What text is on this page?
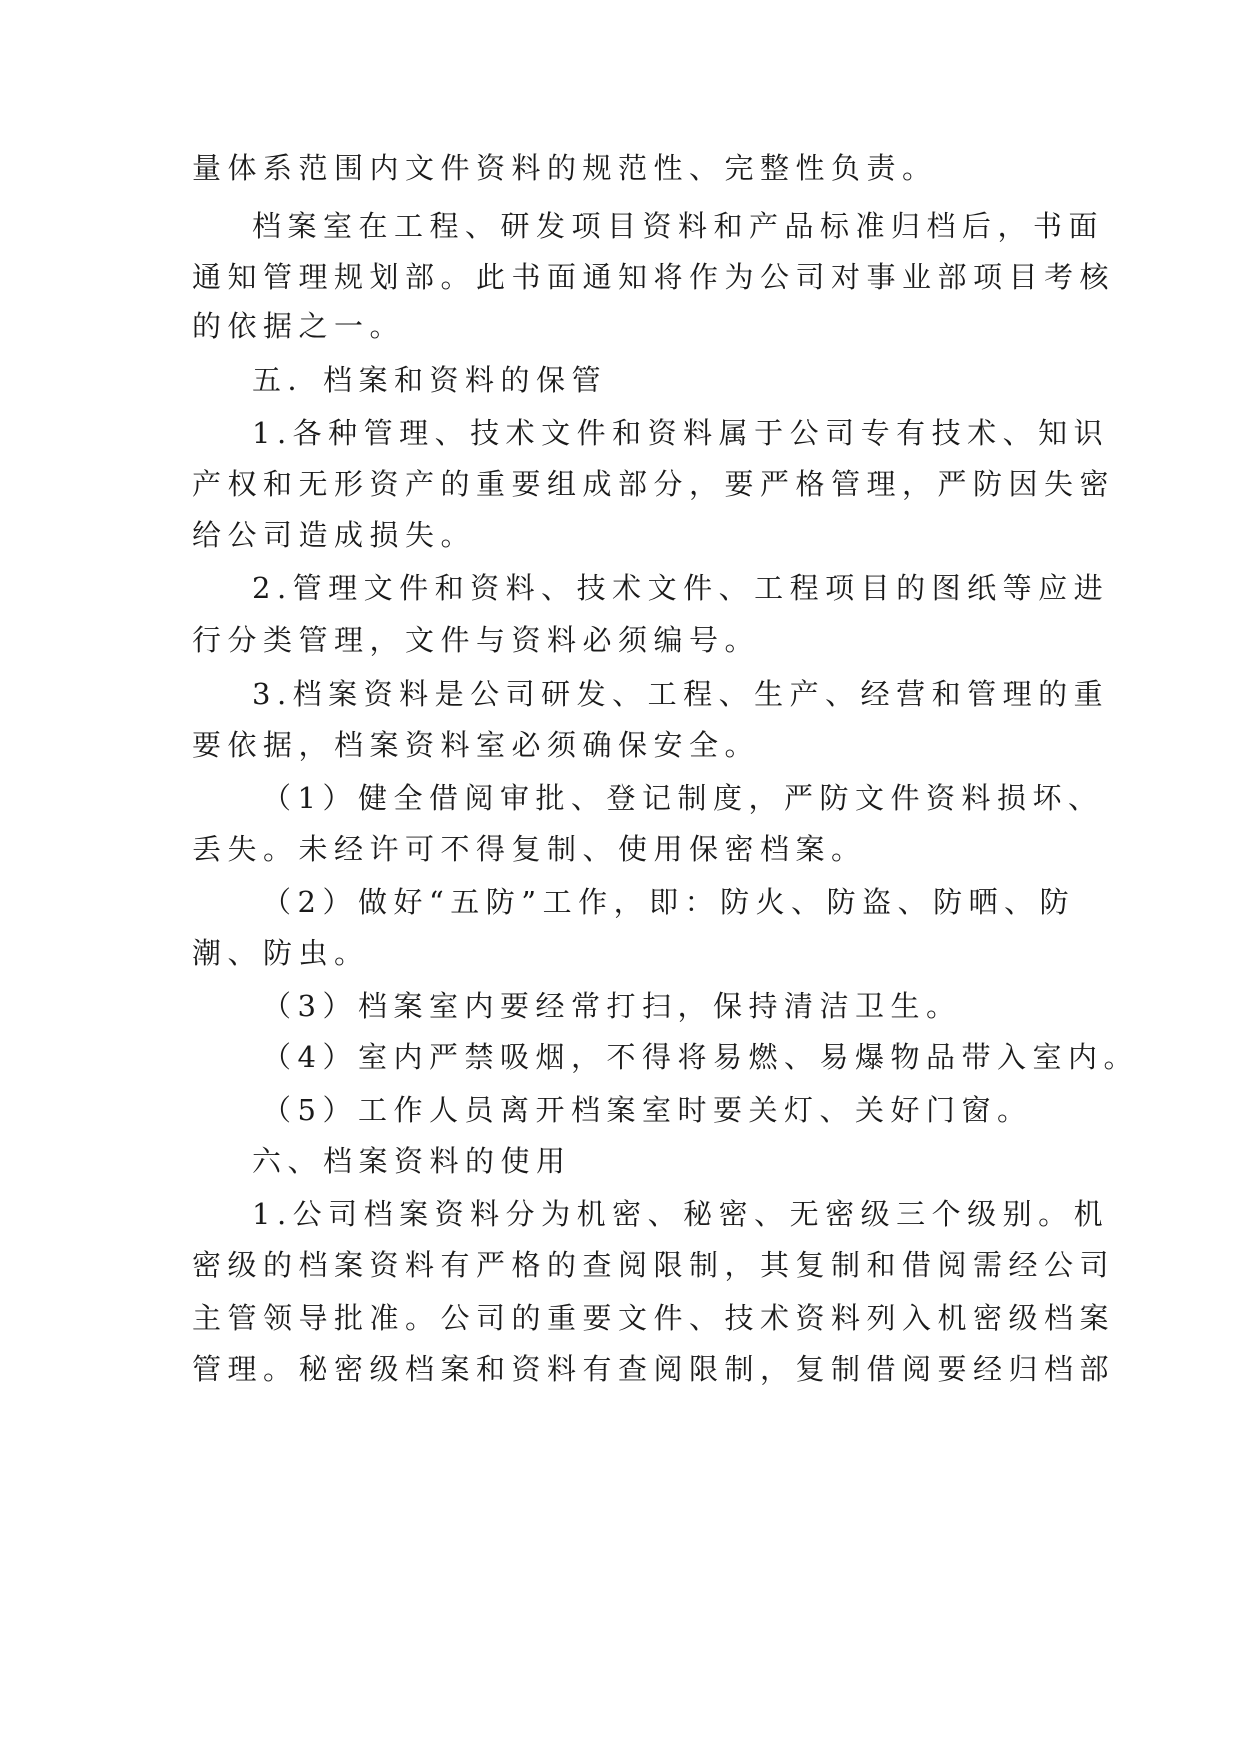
量体系范围内文件资料的规范性、完整性负责。
档案室在工程、研发项目资料和产品标准归档后，书面
通知管理规划部。此书面通知将作为公司对事业部项目考核
的依据之一。
五．档案和资料的保管
1.各种管理、技术文件和资料属于公司专有技术、知识
产权和无形资产的重要组成部分，要严格管理，严防因失密
给公司造成损失。
2.管理文件和资料、技术文件、工程项目的图纸等应进
行分类管理，文件与资料必须编号。
3.档案资料是公司研发、工程、生产、经营和管理的重
要依据，档案资料室必须确保安全。
（1）健全借阅审批、登记制度，严防文件资料损坏、
丢失。未经许可不得复制、使用保密档案。
（2）做好“五防”工作，即：防火、防盗、防晒、防
潮、防虫。
（3）档案室内要经常打扫，保持清洁卫生。
（4）室内严禁吸烟，不得将易燃、易爆物品带入室内。
（5）工作人员离开档案室时要关灯、关好门窗。
六、档案资料的使用
1.公司档案资料分为机密、秘密、无密级三个级别。机
密级的档案资料有严格的查阅限制，其复制和借阅需经公司
主管领导批准。公司的重要文件、技术资料列入机密级档案
管理。秘密级档案和资料有查阅限制，复制借阅要经归档部
